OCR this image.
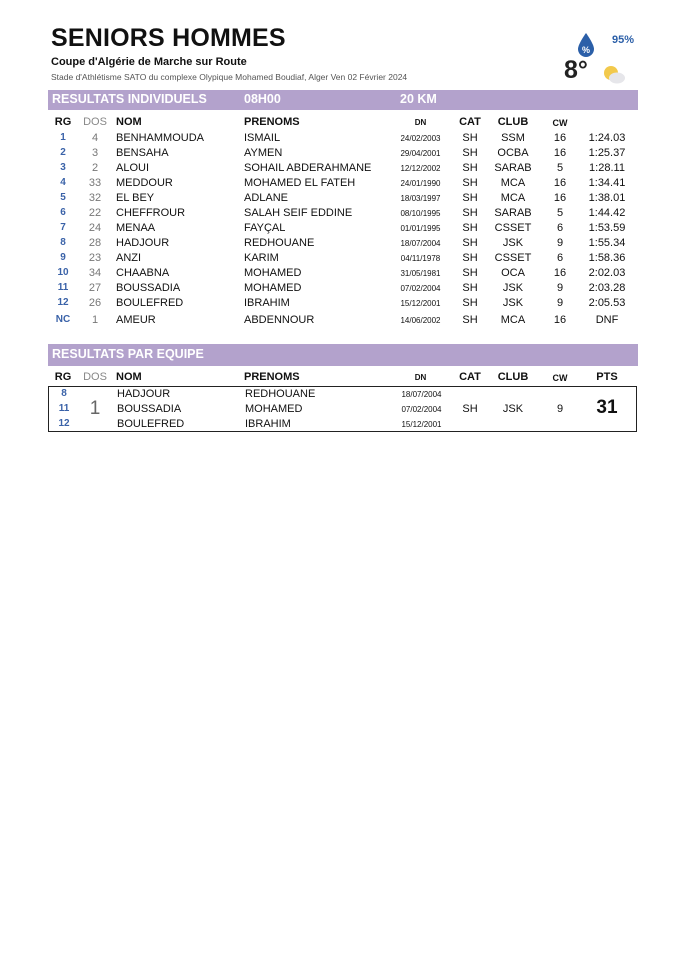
SENIORS HOMMES
Coupe d'Algérie de Marche sur Route
Stade d'Athlétisme SATO du complexe Olypique Mohamed Boudiaf, Alger Ven 02 Février 2024
%
95%
8°
RESULTATS INDIVIDUELS	08H00	20 KM
RG	DOS NOM	PRENOMS	DN	CAT	CLUB	CW
1	4	BENHAMMOUDA	ISMAIL	24/02/2003	SH	SSM	16	1:24.03
2	3	BENSAHA	AYMEN	29/04/2001	SH	OCBA	16	1:25.37
3	2	ALOUI	SOHAIL ABDERAHMANE	12/12/2002	SH	SARAB	5	1:28.11
4	33	MEDDOUR	MOHAMED EL FATEH	24/01/1990	SH	MCA	16	1:34.41
5	32	EL BEY	ADLANE	18/03/1997	SH	MCA	16	1:38.01
6	22	CHEFFROUR	SALAH SEIF EDDINE	08/10/1995	SH	SARAB	5	1:44.42
7	24	MENAA	FAYÇAL	01/01/1995	SH	CSSET	6	1:53.59
8	28	HADJOUR	REDHOUANE	18/07/2004	SH	JSK	9	1:55.34
9	23	ANZI	KARIM	04/11/1978	SH	CSSET	6	1:58.36
10	34	CHAABNA	MOHAMED	31/05/1981	SH	OCA	16	2:02.03
11	27	BOUSSADIA	MOHAMED	07/02/2004	SH	JSK	9	2:03.28
12	26	BOULEFRED	IBRAHIM	15/12/2001	SH	JSK	9	2:05.53
NC	1	AMEUR	ABDENNOUR	14/06/2002	SH	MCA	16	DNF
RESULTATS PAR EQUIPE
RG	DOS NOM	PRENOMS	DN	CAT	CLUB	CW	PTS
8	HADJOUR	REDHOUANE	18/07/2004
11	BOUSSADIA	MOHAMED	07/02/2004
12	BOULEFRED	IBRAHIM	15/12/2001
1	SH	JSK	9	31
